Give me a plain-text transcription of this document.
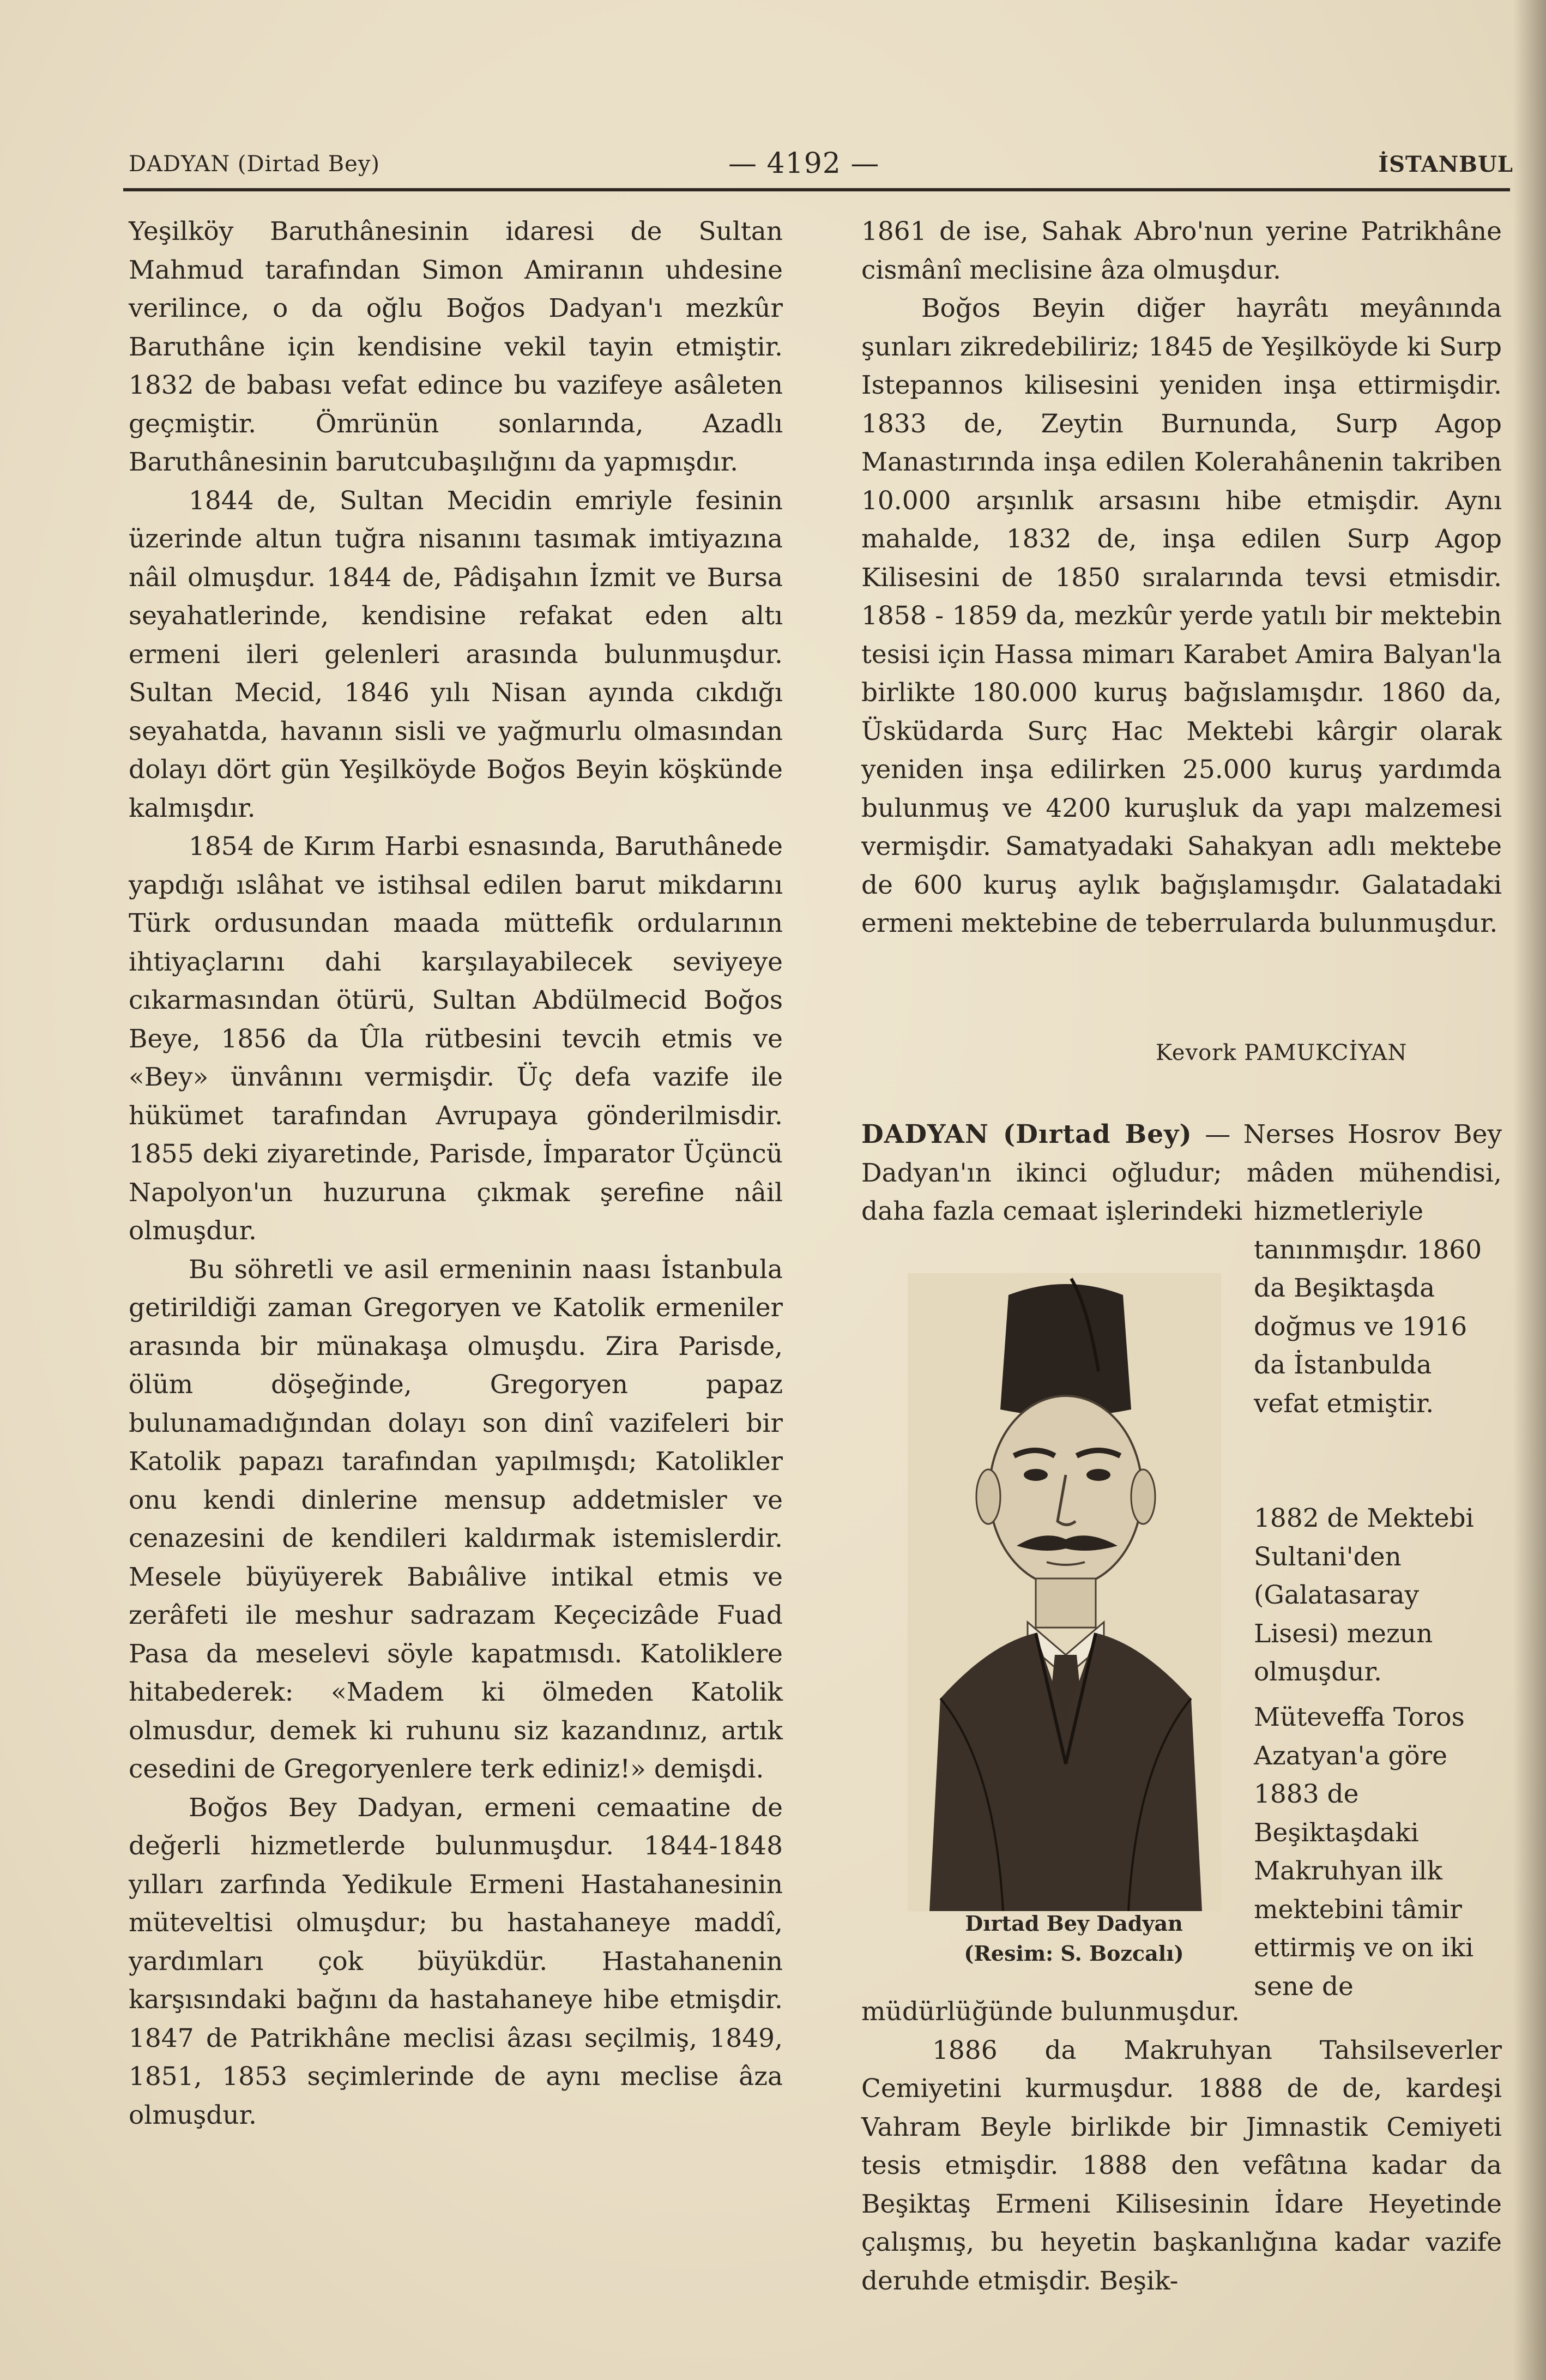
DADYAN (Dirtad Bey)	— 4192 —	İSTANBUL

Yeşilköy Baruthânesinin idaresi de Sultan Mahmud tarafından Simon Amiranın uhdesine verilince, o da oğlu Boğos Dadyan'ı mezkûr Baruthâne için kendisine vekil tayin etmiştir. 1832 de babası vefat edince bu vazifeye asâleten geçmiştir. Ömrünün sonlarında, Azadlı Baruthânesinin barutcubaşılığını da yapmışdır.

1844 de, Sultan Mecidin emriyle fesinin üzerinde altun tuğra nisanını tasımak imtiyazına nâil olmuşdur. 1844 de, Pâdişahın İzmit ve Bursa seyahatlerinde, kendisine refakat eden altı ermeni ileri gelenleri arasında bulunmuşdur. Sultan Mecid, 1846 yılı Nisan ayında cıkdığı seyahatda, havanın sisli ve yağmurlu olmasından dolayı dört gün Yeşilköyde Boğos Beyin köşkünde kalmışdır.

1854 de Kırım Harbi esnasında, Baruthânede yapdığı ıslâhat ve istihsal edilen barut mikdarını Türk ordusundan maada müttefik ordularının ihtiyaçlarını dahi karşılayabilecek seviyeye cıkarmasından ötürü, Sultan Abdülmecid Boğos Beye, 1856 da Ûla rütbesini tevcih etmis ve «Bey» ünvânını vermişdir. Üç defa vazife ile hükümet tarafından Avrupaya gönderilmisdir. 1855 deki ziyaretinde, Parisde, İmparator Üçüncü Napolyon'un huzuruna çıkmak şerefine nâil olmuşdur.

Bu söhretli ve asil ermeninin naası İstanbula getirildiği zaman Gregoryen ve Katolik ermeniler arasında bir münakaşa olmuşdu. Zira Parisde, ölüm döşeğinde, Gregoryen papaz bulunamadığından dolayı son dinî vazifeleri bir Katolik papazı tarafından yapılmışdı; Katolikler onu kendi dinlerine mensup addetmisler ve cenazesini de kendileri kaldırmak istemislerdir. Mesele büyüyerek Babıâlive intikal etmis ve zerâfeti ile meshur sadrazam Keçecizâde Fuad Pasa da meselevi söyle kapatmısdı. Katoliklere hitabederek: «Madem ki ölmeden Katolik olmusdur, demek ki ruhunu siz kazandınız, artık cesedini de Gregoryenlere terk ediniz!» demişdi.

Boğos Bey Dadyan, ermeni cemaatine de değerli hizmetlerde bulunmuşdur. 1844-1848 yılları zarfında Yedikule Ermeni Hastahanesinin müteveltisi olmuşdur; bu hastahaneye maddî, yardımları çok büyükdür. Hastahanenin karşısındaki bağını da hastahaneye hibe etmişdir. 1847 de Patrikhâne meclisi âzası seçilmiş, 1849, 1851, 1853 seçimlerinde de aynı meclise âza olmuşdur.

1861 de ise, Sahak Abro'nun yerine Patrikhâne cismânî meclisine âza olmuşdur.

Boğos Beyin diğer hayrâtı meyânında şunları zikredebiliriz; 1845 de Yeşilköyde ki Surp Istepannos kilisesini yeniden inşa ettirmişdir. 1833 de, Zeytin Burnunda, Surp Agop Manastırında inşa edilen Kolerahânenin takriben 10.000 arşınlık arsasını hibe etmişdir. Aynı mahalde, 1832 de, inşa edilen Surp Agop Kilisesini de 1850 sıralarında tevsi etmisdir. 1858 - 1859 da, mezkûr yerde yatılı bir mektebin tesisi için Hassa mimarı Karabet Amira Balyan'la birlikte 180.000 kuruş bağıslamışdır. 1860 da, Üsküdarda Surç Hac Mektebi kârgir olarak yeniden inşa edilirken 25.000 kuruş yardımda bulunmuş ve 4200 kuruşluk da yapı malzemesi vermişdir. Samatyadaki Sahakyan adlı mektebe de 600 kuruş aylık bağışlamışdır. Galatadaki ermeni mektebine de teberrularda bulunmuşdur.

Kevork PAMUKCİYAN
DADYAN (Dırtad Bey) — Nerses Hosrov Bey Dadyan'ın ikinci oğludur; mâden mühendisi, daha fazla cemaat işlerindeki hizmetleriyle tanınmışdır. 1860 da Beşiktaşda doğmus ve 1916 da İstanbulda vefat etmiştir.
1882 de Mektebi Sultani'den (Galatasaray Lisesi) mezun olmuşdur.
Müteveffa Toros Azatyan'a göre 1883 de Beşiktaşdaki Makruhyan ilk mektebini tâmir ettirmiş ve on iki sene de
Dırtad Bey Dadyan
(Resim: S. Bozcalı)

müdürlüğünde bulunmuşdur.

1886 da Makruhyan Tahsilseverler Cemiyetini kurmuşdur. 1888 de de, kardeşi Vahram Beyle birlikde bir Jimnastik Cemiyeti tesis etmişdir. 1888 den vefâtına kadar da Beşiktaş Ermeni Kilisesinin İdare Heyetinde çalışmış, bu heyetin başkanlığına kadar vazife deruhde etmişdir. Beşik-
